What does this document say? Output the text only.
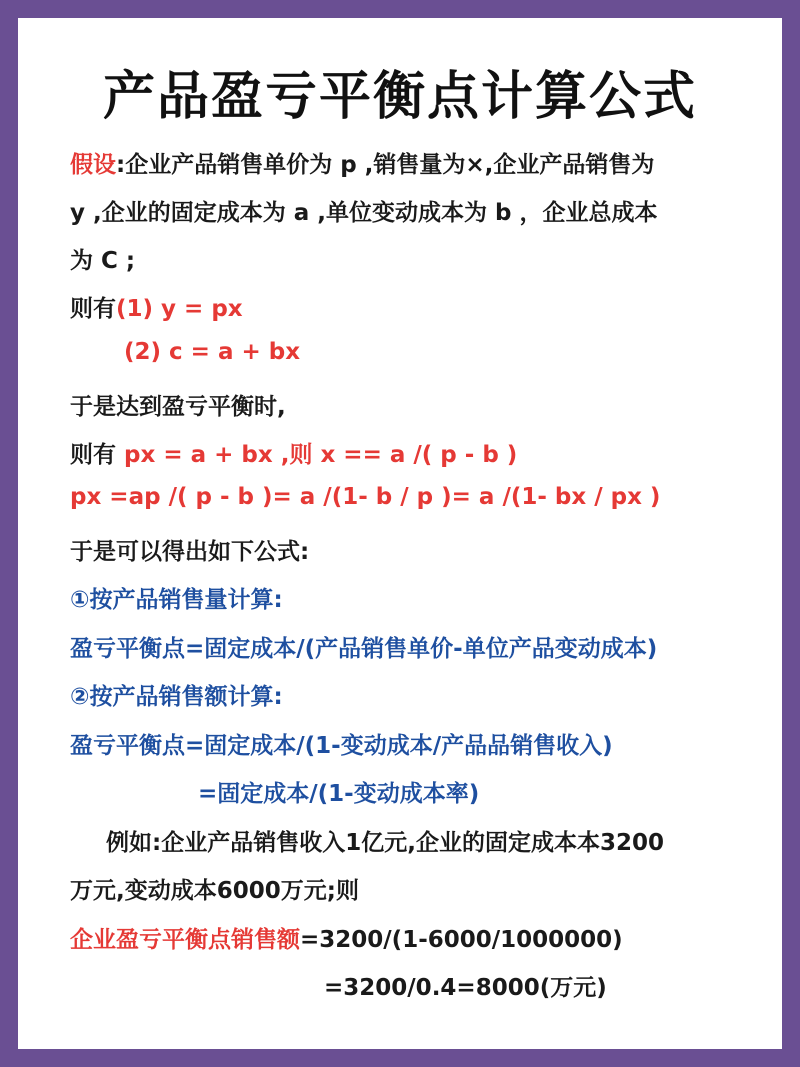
产品盈亏平衡点计算公式
假设:企业产品销售单价为 p ,销售量为×,企业产品销售为
y ,企业的固定成本为 a ,单位变动成本为 b ，企业总成本
为 C ;
则有(1) y = px
(2) c = a + bx
于是达到盈亏平衡时,
则有 px = a + bx ,则 x == a /( p - b )
px =ap /( p - b )= a /(1- b / p )= a /(1- bx / px )
于是可以得出如下公式:
①按产品销售量计算:
盈亏平衡点=固定成本/(产品销售单价-单位产品变动成本)
②按产品销售额计算:
盈亏平衡点=固定成本/(1-变动成本/产品品销售收入)
=固定成本/(1-变动成本率)
例如:企业产品销售收入1亿元,企业的固定成本本3200
万元,变动成本6000万元;则
企业盈亏平衡点销售额=3200/(1-6000/1000000)
=3200/0.4=8000(万元)
